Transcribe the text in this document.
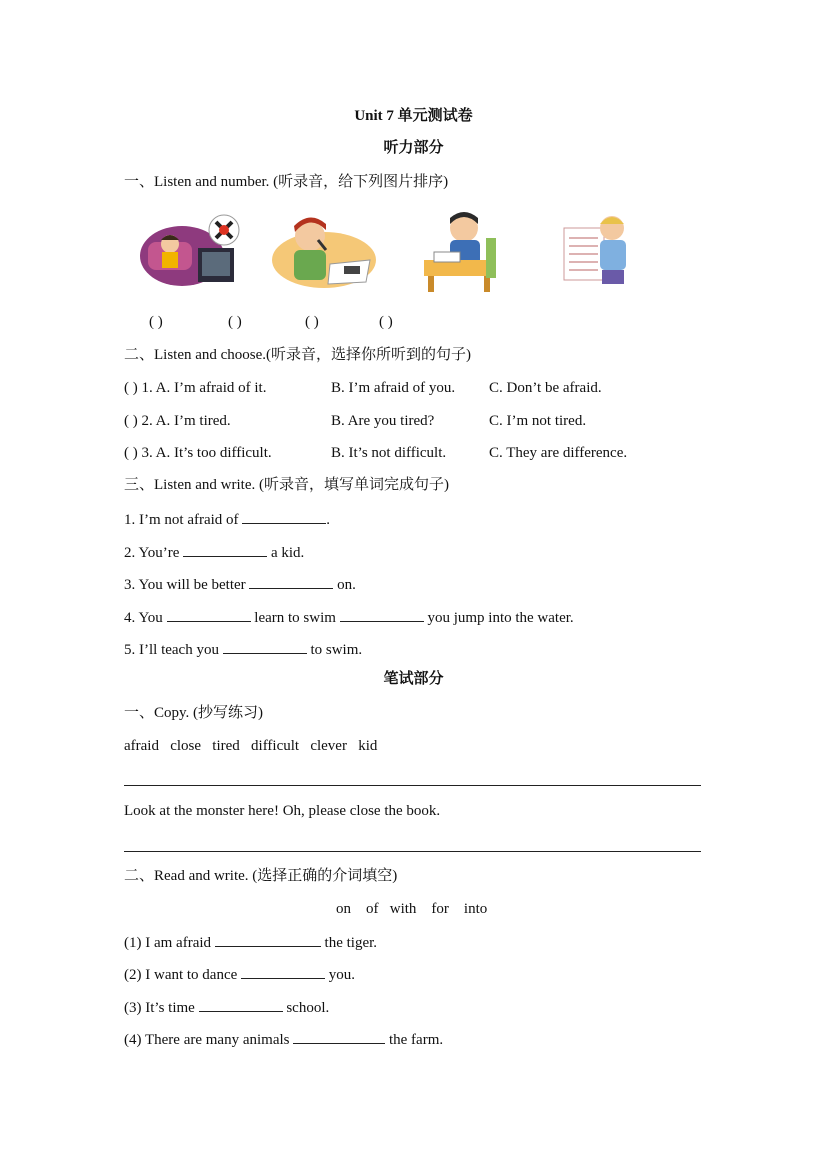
Unit 7 单元测试卷
听力部分
一、Listen and number. (听录音，给下列图片排序)
( )	( )	( )	( )
二、Listen and choose.(听录音，选择你所听到的句子)
( ) 1. A. I’m afraid of it.	B. I’m afraid of you. C. Don’t be afraid.
( ) 2. A. I’m tired.	B. Are you tired?	C. I’m not tired.
( ) 3. A. It’s too difficult.	B. It’s not difficult.	C. They are difference.
三、Listen and write. (听录音，填写单词完成句子)
1. I’m not afraid of	.
2. You’re	a kid.
3. You will be better	on.
4. You	learn to swim	you jump into the water.
5. I’ll teach you	to swim.
笔试部分
一、Copy. (抄写练习)
afraid   close   tired   difficult   clever   kid
Look at the monster here! Oh, please close the book.
二、Read and write. (选择正确的介词填空)
on    of   with    for    into
(1) I am afraid	the tiger.
(2) I want to dance	you.
(3) It’s time	school.
(4) There are many animals	the farm.
